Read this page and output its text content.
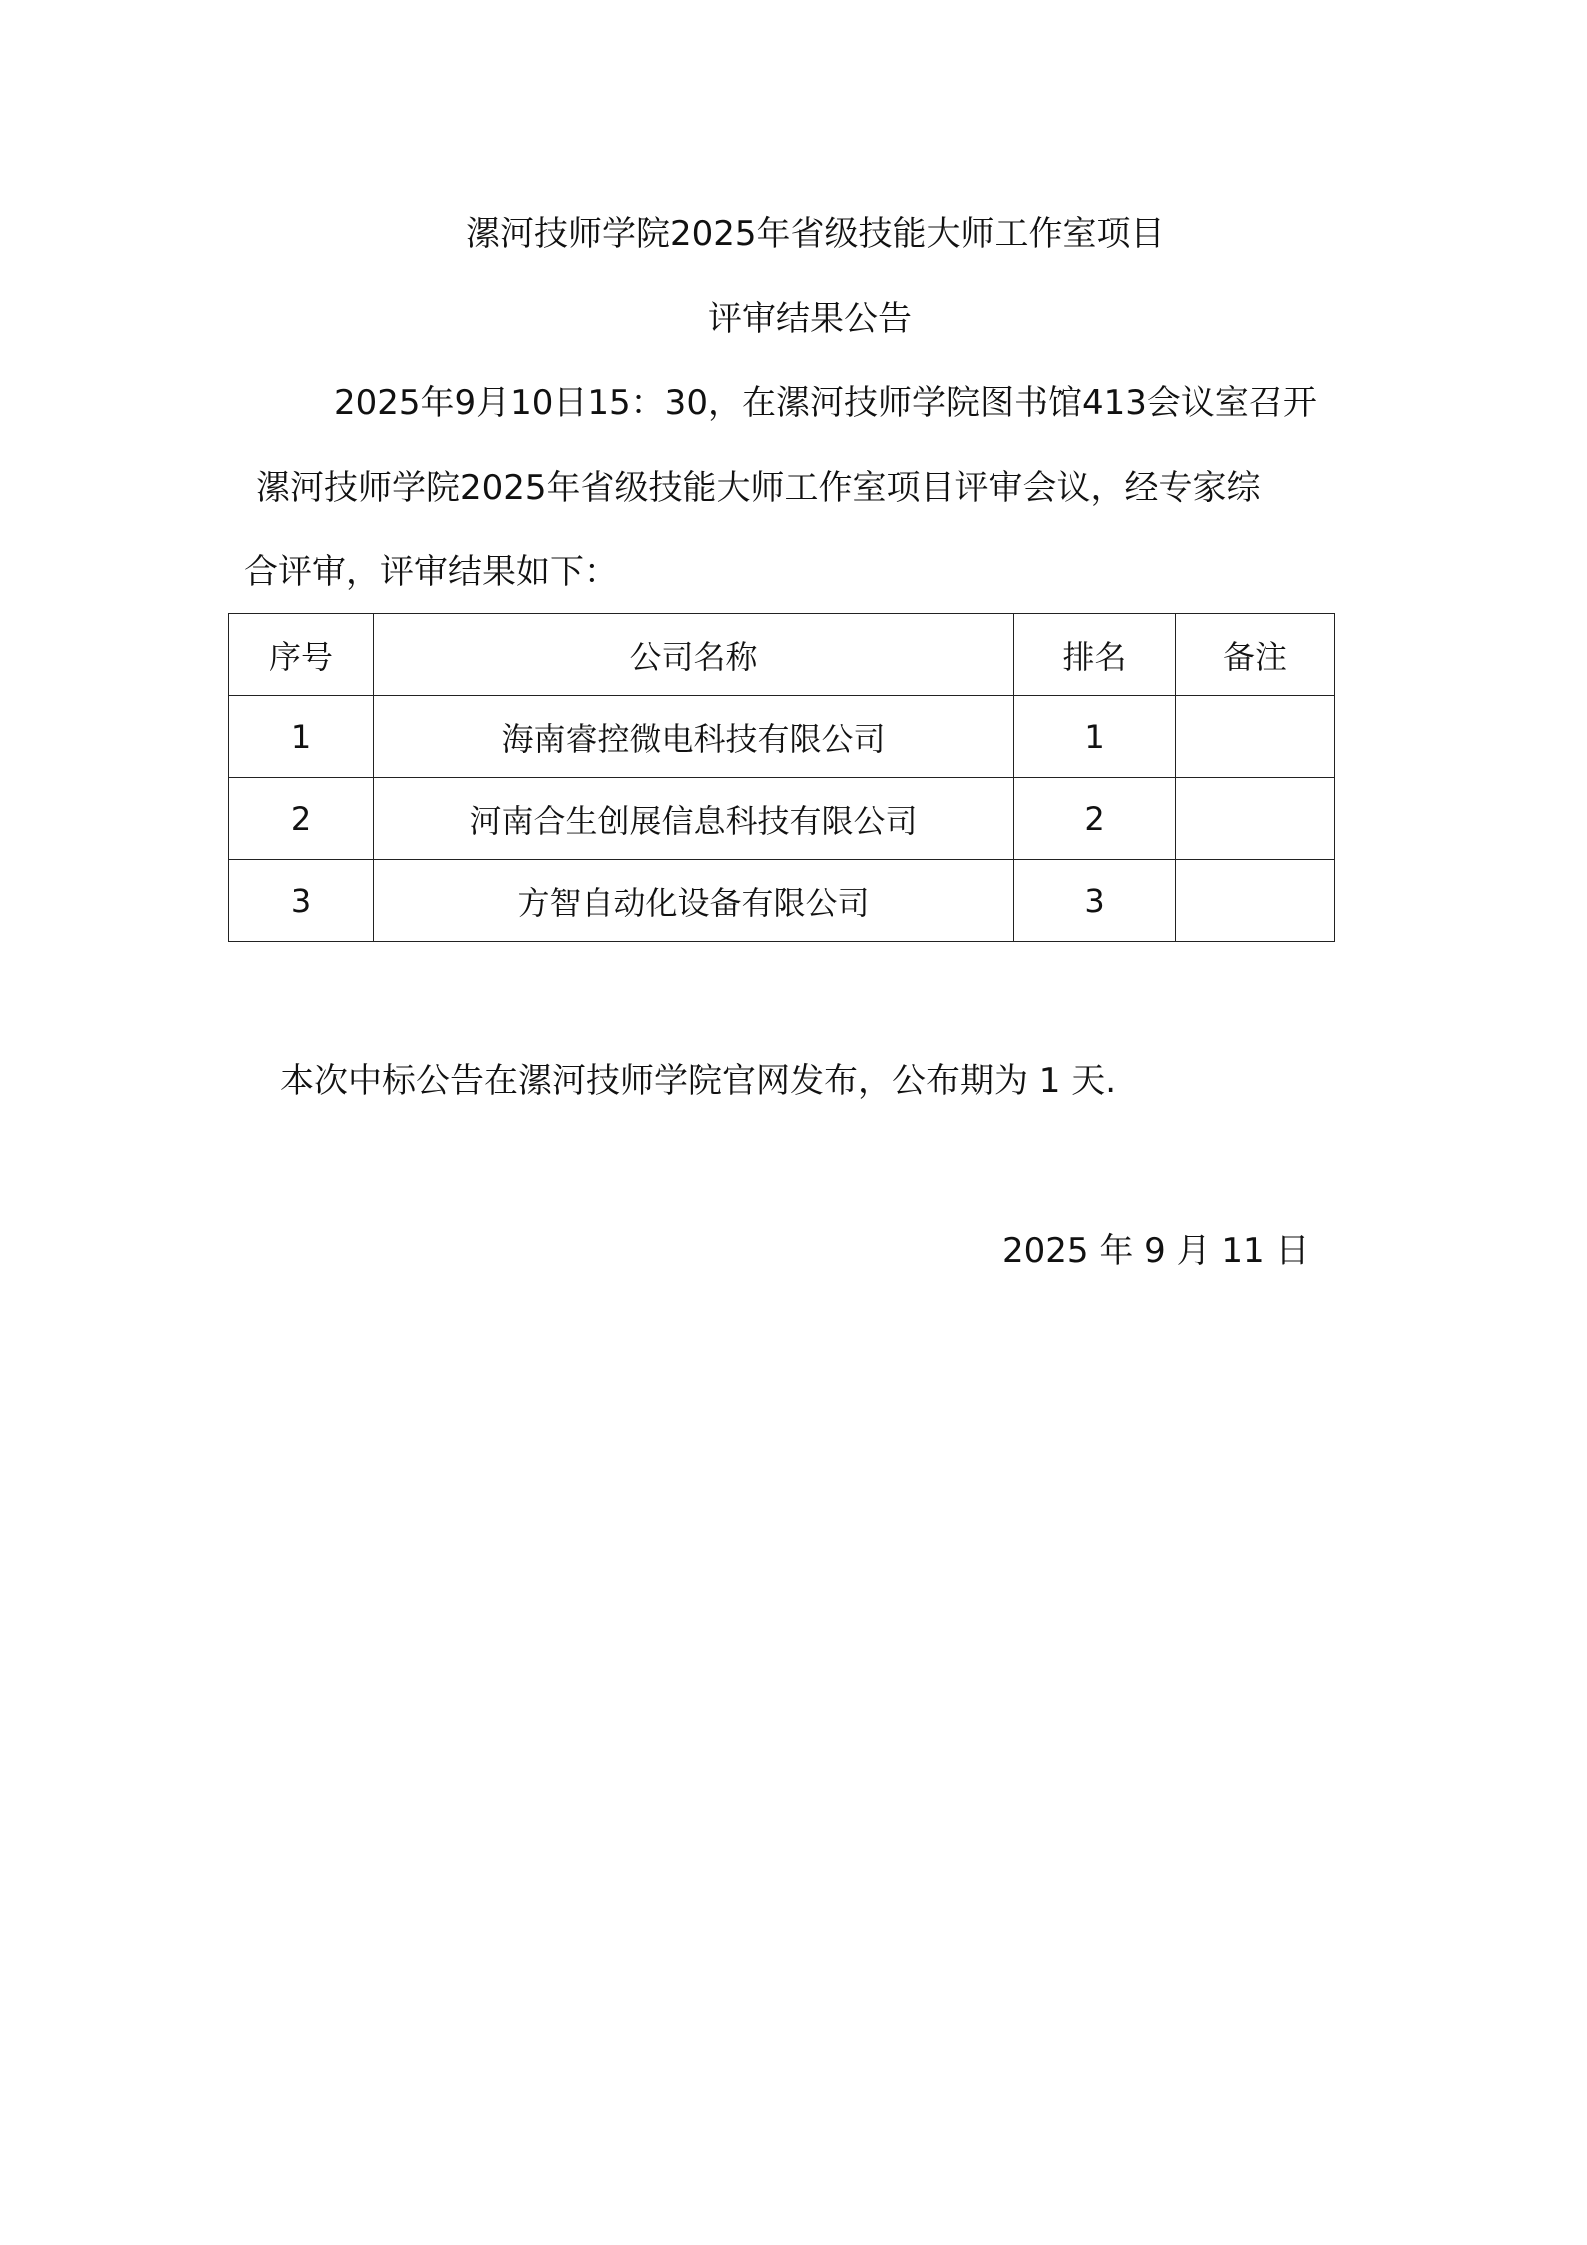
漯河技师学院2025年省级技能大师工作室项目
评审结果公告
2025年9月10日15：30，在漯河技师学院图书馆413会议室召开
漯河技师学院2025年省级技能大师工作室项目评审会议，经专家综
合评审，评审结果如下：
序号	公司名称	排名	备注
1	海南睿控微电科技有限公司	1	
2	河南合生创展信息科技有限公司	2	
3	方智自动化设备有限公司	3	
本次中标公告在漯河技师学院官网发布，公布期为 1 天.
2025 年 9 月 11 日
